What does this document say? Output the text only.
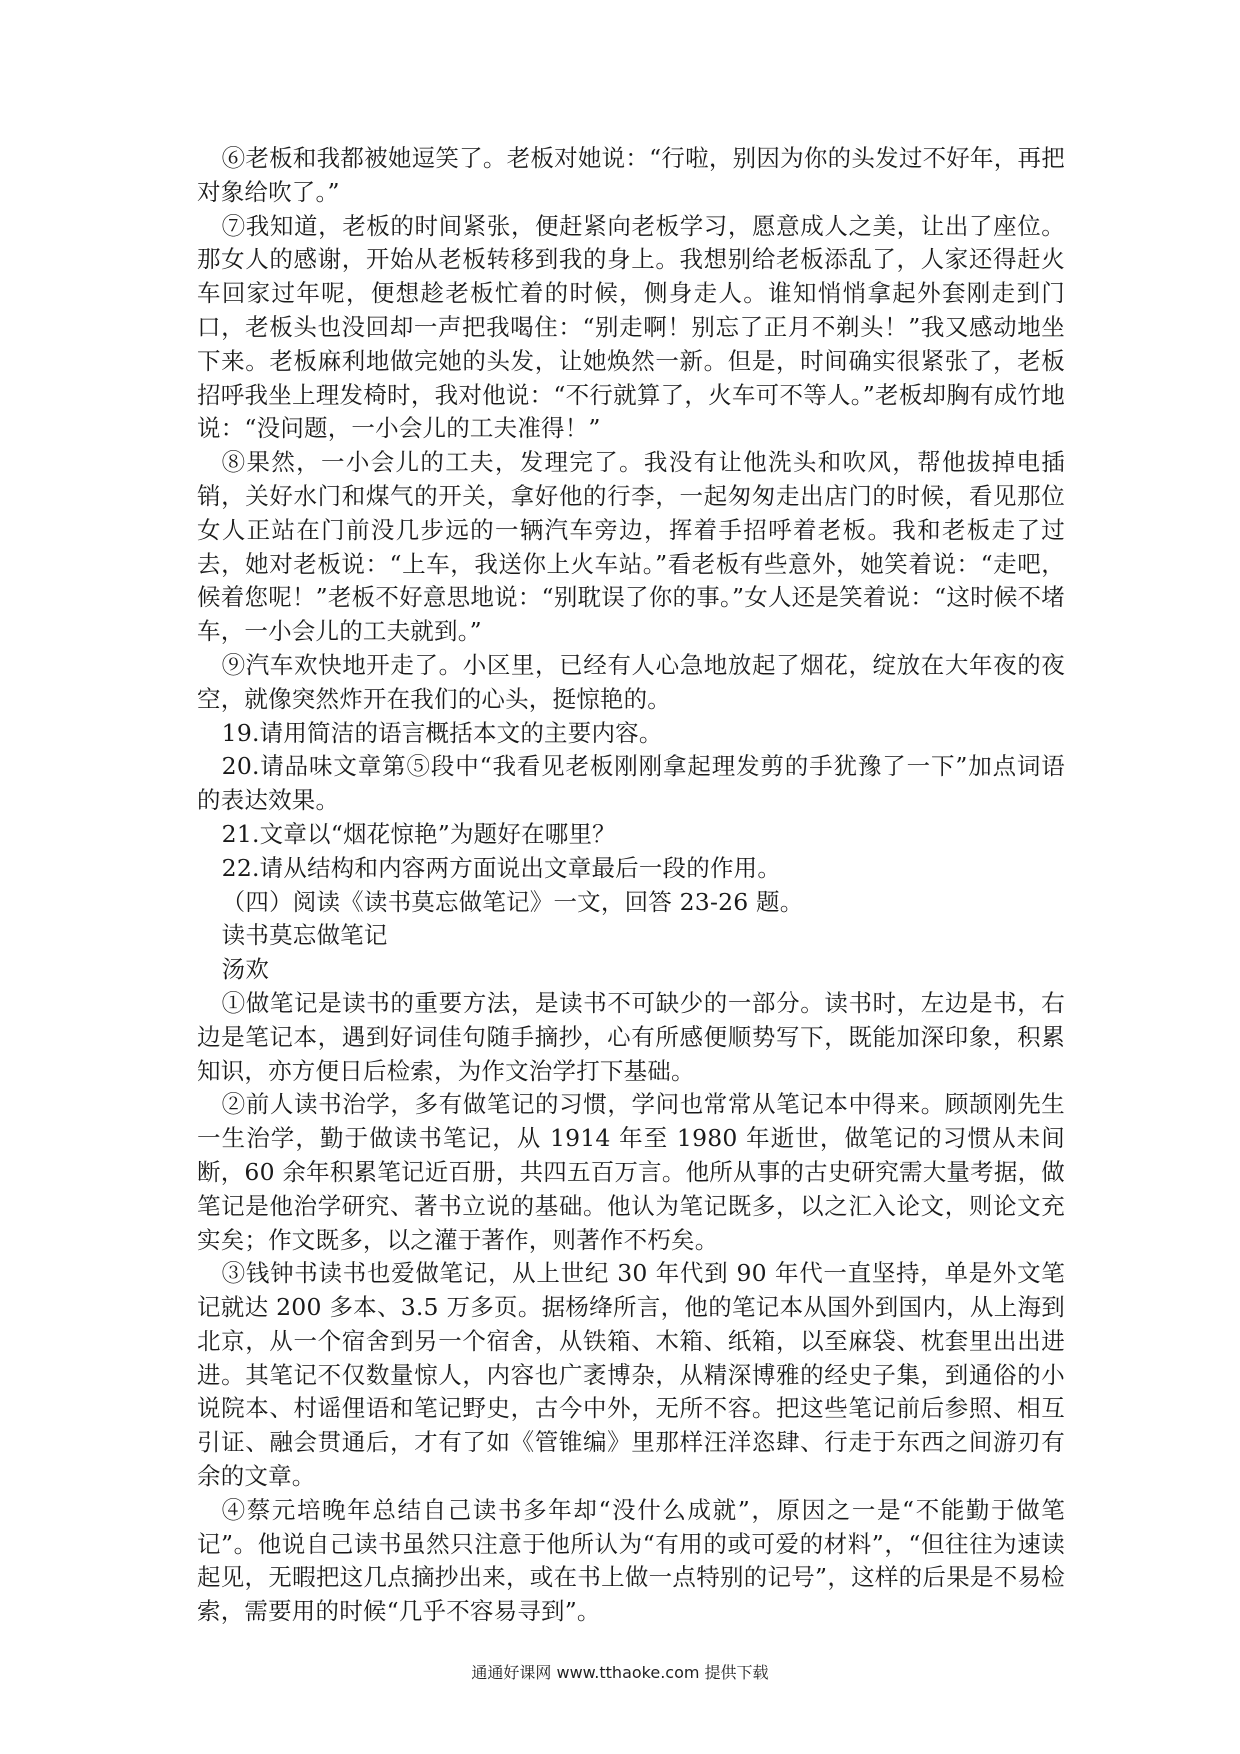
⑥老板和我都被她逗笑了。老板对她说：“行啦，别因为你的头发过不好年，再把对象给吹了。”

⑦我知道，老板的时间紧张，便赶紧向老板学习，愿意成人之美，让出了座位。那女人的感谢，开始从老板转移到我的身上。我想别给老板添乱了，人家还得赶火车回家过年呢，便想趁老板忙着的时候，侧身走人。谁知悄悄拿起外套刚走到门口，老板头也没回却一声把我喝住：“别走啊！别忘了正月不剃头！”我又感动地坐下来。老板麻利地做完她的头发，让她焕然一新。但是，时间确实很紧张了，老板招呼我坐上理发椅时，我对他说：“不行就算了，火车可不等人。”老板却胸有成竹地说：“没问题，一小会儿的工夫准得！”

⑧果然，一小会儿的工夫，发理完了。我没有让他洗头和吹风，帮他拔掉电插销，关好水门和煤气的开关，拿好他的行李，一起匆匆走出店门的时候，看见那位女人正站在门前没几步远的一辆汽车旁边，挥着手招呼着老板。我和老板走了过去，她对老板说：“上车，我送你上火车站。”看老板有些意外，她笑着说：“走吧，候着您呢！”老板不好意思地说：“别耽误了你的事。”女人还是笑着说：“这时候不堵车，一小会儿的工夫就到。”

⑨汽车欢快地开走了。小区里，已经有人心急地放起了烟花，绽放在大年夜的夜空，就像突然炸开在我们的心头，挺惊艳的。

19.请用简洁的语言概括本文的主要内容。

20.请品味文章第⑤段中“我看见老板刚刚拿起理发剪的手犹豫了一下”加点词语的表达效果。

21.文章以“烟花惊艳”为题好在哪里？

22.请从结构和内容两方面说出文章最后一段的作用。

（四）阅读《读书莫忘做笔记》一文，回答 23-26 题。

读书莫忘做笔记

汤欢

①做笔记是读书的重要方法，是读书不可缺少的一部分。读书时，左边是书，右边是笔记本，遇到好词佳句随手摘抄，心有所感便顺势写下，既能加深印象，积累知识，亦方便日后检索，为作文治学打下基础。

②前人读书治学，多有做笔记的习惯，学问也常常从笔记本中得来。顾颉刚先生一生治学，勤于做读书笔记，从 1914 年至 1980 年逝世，做笔记的习惯从未间断，60 余年积累笔记近百册，共四五百万言。他所从事的古史研究需大量考据，做笔记是他治学研究、著书立说的基础。他认为笔记既多，以之汇入论文，则论文充实矣；作文既多，以之灌于著作，则著作不朽矣。

③钱钟书读书也爱做笔记，从上世纪 30 年代到 90 年代一直坚持，单是外文笔记就达 200 多本、3.5 万多页。据杨绛所言，他的笔记本从国外到国内，从上海到北京，从一个宿舍到另一个宿舍，从铁箱、木箱、纸箱，以至麻袋、枕套里出出进进。其笔记不仅数量惊人，内容也广袤博杂，从精深博雅的经史子集，到通俗的小说院本、村谣俚语和笔记野史，古今中外，无所不容。把这些笔记前后参照、相互引证、融会贯通后，才有了如《管锥编》里那样汪洋恣肆、行走于东西之间游刃有余的文章。

④蔡元培晚年总结自己读书多年却“没什么成就”，原因之一是“不能勤于做笔记”。他说自己读书虽然只注意于他所认为“有用的或可爱的材料”，“但往往为速读起见，无暇把这几点摘抄出来，或在书上做一点特别的记号”，这样的后果是不易检索，需要用的时候“几乎不容易寻到”。

通通好课网 www.tthaoke.com 提供下载
